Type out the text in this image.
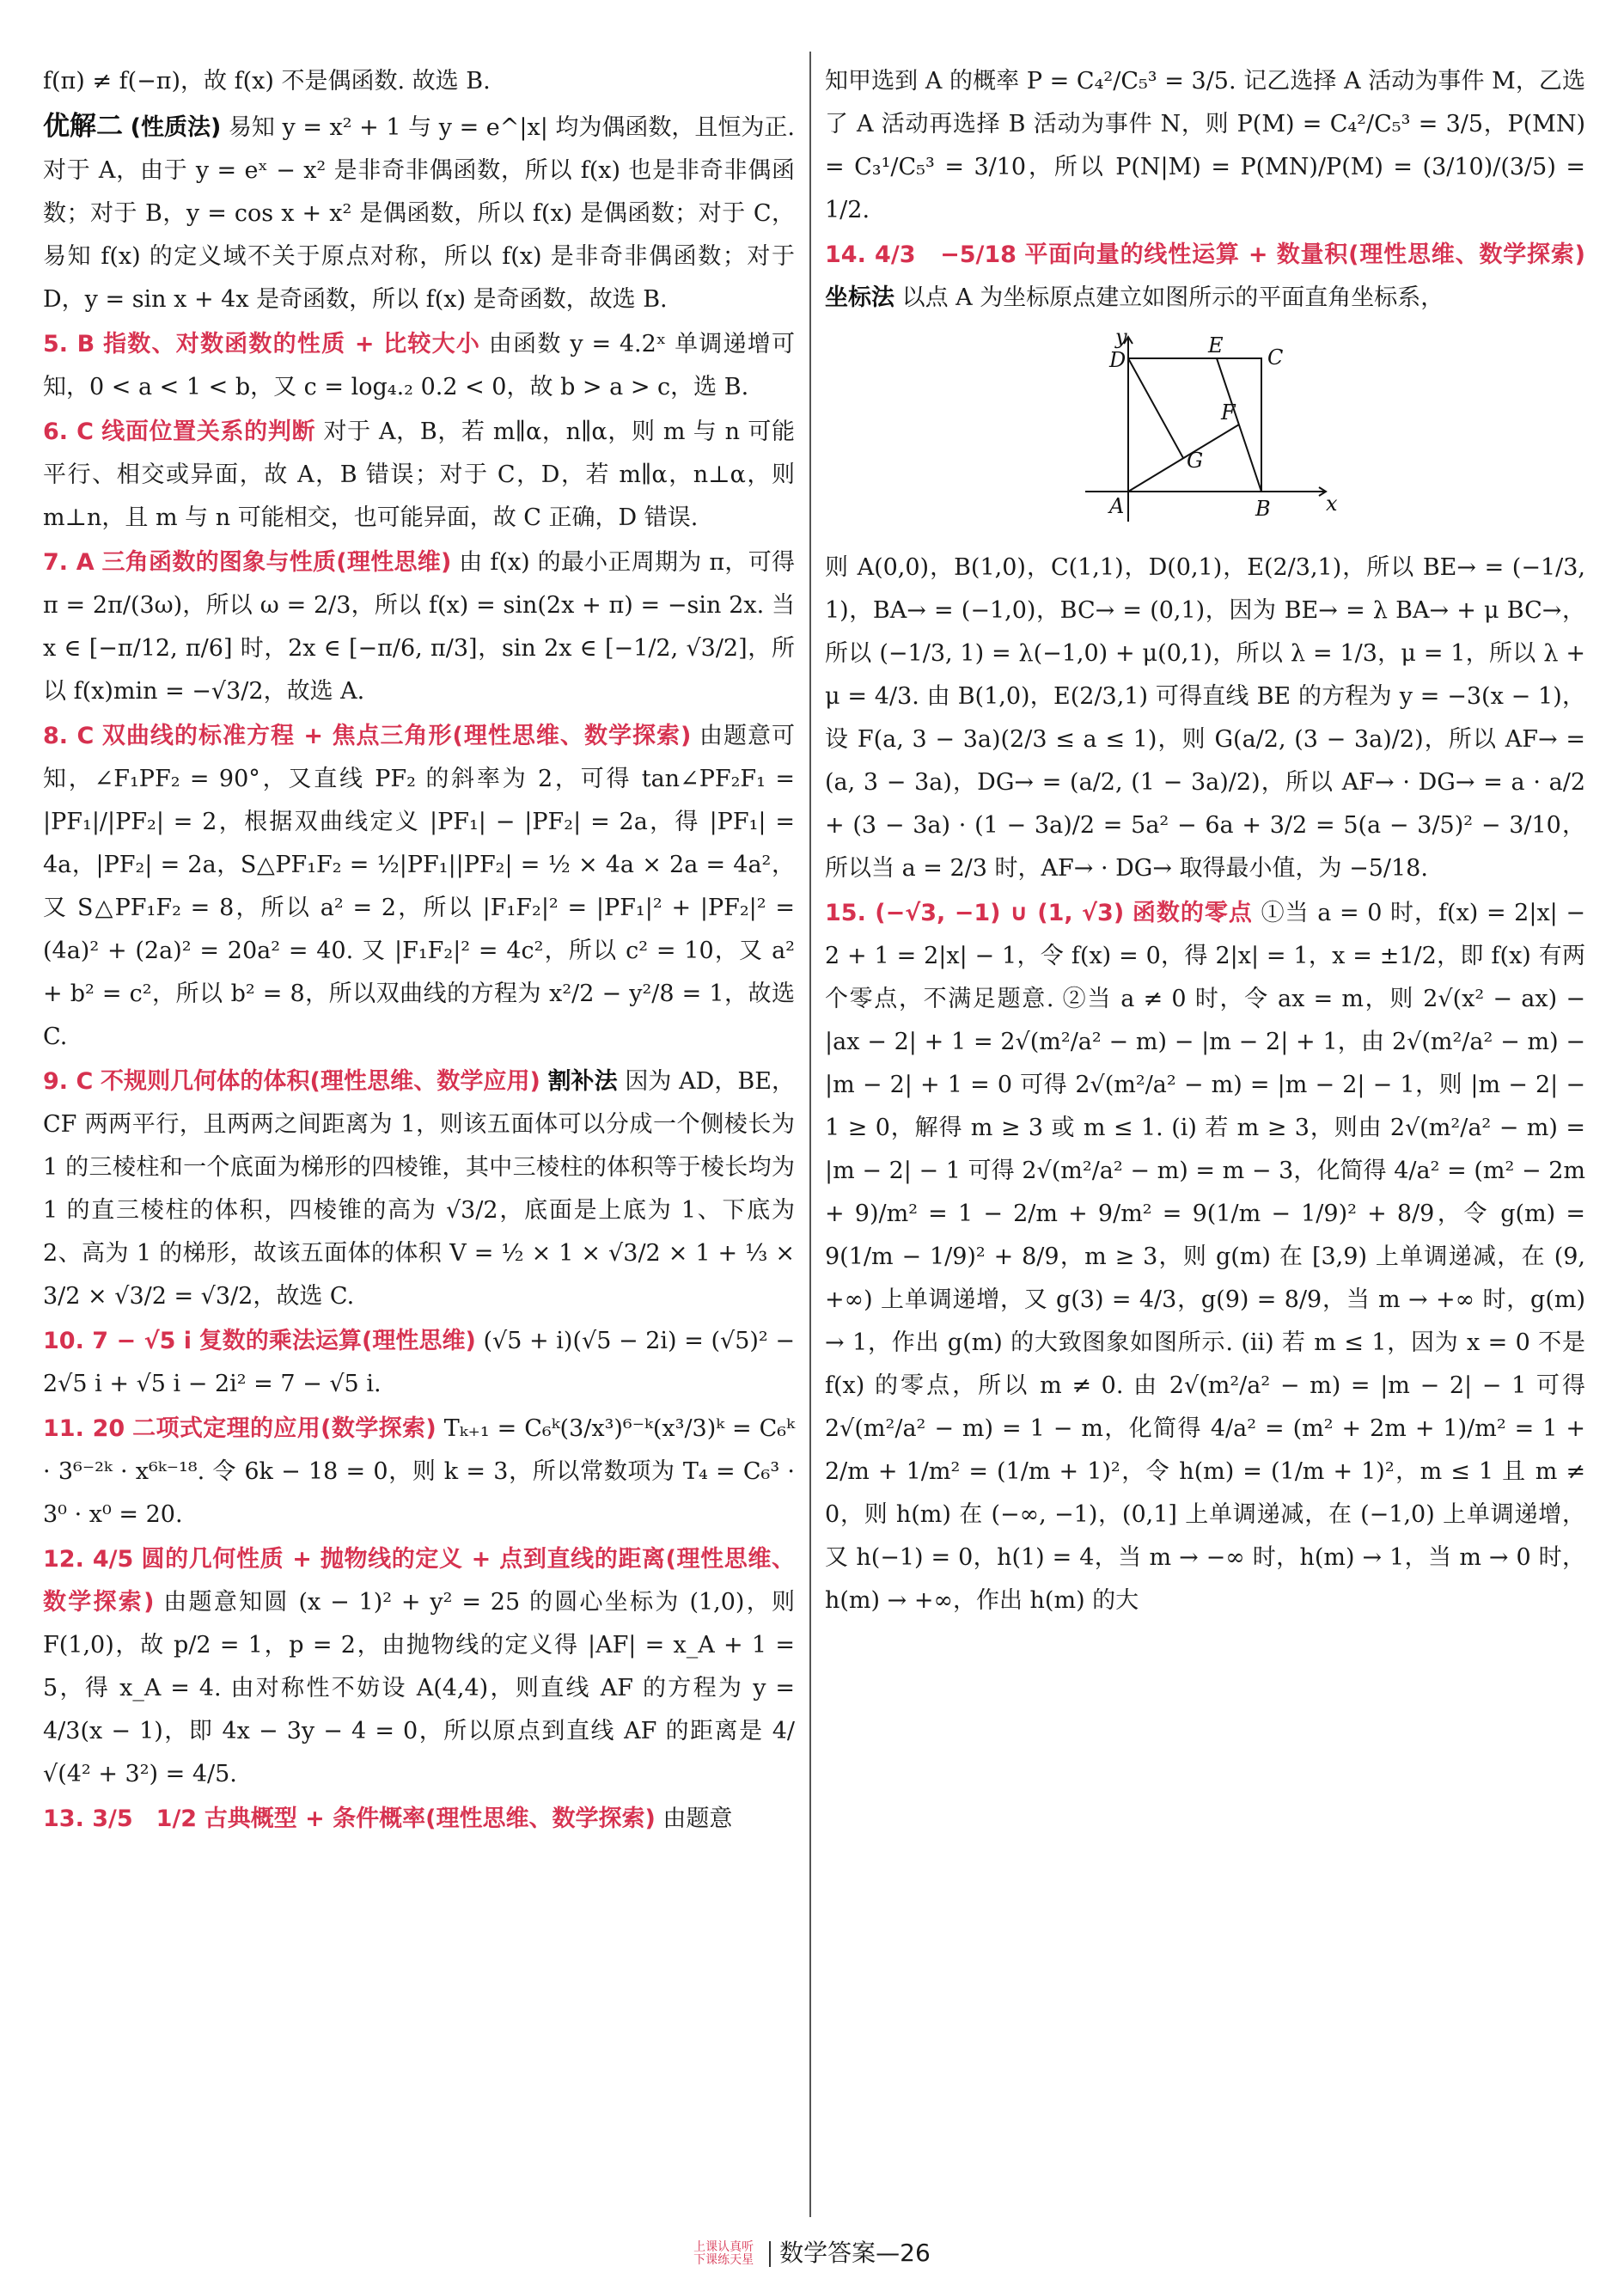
f(π) ≠ f(−π)，故 f(x) 不是偶函数. 故选 B.

优解二 (性质法) 易知 y = x² + 1 与 y = e^|x| 均为偶函数，且恒为正. 对于 A，由于 y = eˣ − x² 是非奇非偶函数，所以 f(x) 也是非奇非偶函数；对于 B，y = cos x + x² 是偶函数，所以 f(x) 是偶函数；对于 C，易知 f(x) 的定义域不关于原点对称，所以 f(x) 是非奇非偶函数；对于 D，y = sin x + 4x 是奇函数，所以 f(x) 是奇函数，故选 B.

5. B 指数、对数函数的性质 + 比较大小 由函数 y = 4.2ˣ 单调递增可知，0 < a < 1 < b，又 c = log₄.₂ 0.2 < 0，故 b > a > c，选 B.

6. C 线面位置关系的判断 对于 A，B，若 m∥α，n∥α，则 m 与 n 可能平行、相交或异面，故 A，B 错误；对于 C，D，若 m∥α，n⊥α，则 m⊥n，且 m 与 n 可能相交，也可能异面，故 C 正确，D 错误.

7. A 三角函数的图象与性质(理性思维) 由 f(x) 的最小正周期为 π，可得 π = 2π/(3ω)，所以 ω = 2/3，所以 f(x) = sin(2x + π) = −sin 2x. 当 x ∈ [−π/12, π/6] 时，2x ∈ [−π/6, π/3]，sin 2x ∈ [−1/2, √3/2]，所以 f(x)min = −√3/2，故选 A.

8. C 双曲线的标准方程 + 焦点三角形(理性思维、数学探索) 由题意可知，∠F₁PF₂ = 90°，又直线 PF₂ 的斜率为 2，可得 tan∠PF₂F₁ = |PF₁|/|PF₂| = 2，根据双曲线定义 |PF₁| − |PF₂| = 2a，得 |PF₁| = 4a，|PF₂| = 2a，S△PF₁F₂ = ½|PF₁||PF₂| = ½ × 4a × 2a = 4a²，又 S△PF₁F₂ = 8，所以 a² = 2，所以 |F₁F₂|² = |PF₁|² + |PF₂|² = (4a)² + (2a)² = 20a² = 40. 又 |F₁F₂|² = 4c²，所以 c² = 10，又 a² + b² = c²，所以 b² = 8，所以双曲线的方程为 x²/2 − y²/8 = 1，故选 C.

9. C 不规则几何体的体积(理性思维、数学应用) 割补法 因为 AD，BE，CF 两两平行，且两两之间距离为 1，则该五面体可以分成一个侧棱长为 1 的三棱柱和一个底面为梯形的四棱锥，其中三棱柱的体积等于棱长均为 1 的直三棱柱的体积，四棱锥的高为 √3/2，底面是上底为 1、下底为 2、高为 1 的梯形，故该五面体的体积 V = ½ × 1 × √3/2 × 1 + ⅓ × 3/2 × √3/2 = √3/2，故选 C.

10. 7 − √5 i 复数的乘法运算(理性思维) (√5 + i)(√5 − 2i) = (√5)² − 2√5 i + √5 i − 2i² = 7 − √5 i.

11. 20 二项式定理的应用(数学探索) Tₖ₊₁ = C₆ᵏ(3/x³)⁶⁻ᵏ(x³/3)ᵏ = C₆ᵏ · 3⁶⁻²ᵏ · x⁶ᵏ⁻¹⁸. 令 6k − 18 = 0，则 k = 3，所以常数项为 T₄ = C₆³ · 3⁰ · x⁰ = 20.

12. 4/5 圆的几何性质 + 抛物线的定义 + 点到直线的距离(理性思维、数学探索) 由题意知圆 (x − 1)² + y² = 25 的圆心坐标为 (1,0)，则 F(1,0)，故 p/2 = 1，p = 2，由抛物线的定义得 |AF| = x_A + 1 = 5，得 x_A = 4. 由对称性不妨设 A(4,4)，则直线 AF 的方程为 y = 4/3(x − 1)，即 4x − 3y − 4 = 0，所以原点到直线 AF 的距离是 4/√(4² + 3²) = 4/5.

13. 3/5　1/2 古典概型 + 条件概率(理性思维、数学探索) 由题意

知甲选到 A 的概率 P = C₄²/C₅³ = 3/5. 记乙选择 A 活动为事件 M，乙选了 A 活动再选择 B 活动为事件 N，则 P(M) = C₄²/C₅³ = 3/5，P(MN) = C₃¹/C₅³ = 3/10，所以 P(N|M) = P(MN)/P(M) = (3/10)/(3/5) = 1/2.

14. 4/3　−5/18 平面向量的线性运算 + 数量积(理性思维、数学探索) 坐标法 以点 A 为坐标原点建立如图所示的平面直角坐标系，

y
x
A	B
C
D
E
F
G

则 A(0,0)，B(1,0)，C(1,1)，D(0,1)，E(2/3,1)，所以 BE→ = (−1/3, 1)，BA→ = (−1,0)，BC→ = (0,1)，因为 BE→ = λ BA→ + μ BC→，所以 (−1/3, 1) = λ(−1,0) + μ(0,1)，所以 λ = 1/3，μ = 1，所以 λ + μ = 4/3. 由 B(1,0)，E(2/3,1) 可得直线 BE 的方程为 y = −3(x − 1)，设 F(a, 3 − 3a)(2/3 ≤ a ≤ 1)，则 G(a/2, (3 − 3a)/2)，所以 AF→ = (a, 3 − 3a)，DG→ = (a/2, (1 − 3a)/2)，所以 AF→ · DG→ = a · a/2 + (3 − 3a) · (1 − 3a)/2 = 5a² − 6a + 3/2 = 5(a − 3/5)² − 3/10，所以当 a = 2/3 时，AF→ · DG→ 取得最小值，为 −5/18.

15. (−√3, −1) ∪ (1, √3) 函数的零点 ①当 a = 0 时，f(x) = 2|x| − 2 + 1 = 2|x| − 1，令 f(x) = 0，得 2|x| = 1，x = ±1/2，即 f(x) 有两个零点，不满足题意. ②当 a ≠ 0 时，令 ax = m，则 2√(x² − ax) − |ax − 2| + 1 = 2√(m²/a² − m) − |m − 2| + 1，由 2√(m²/a² − m) − |m − 2| + 1 = 0 可得 2√(m²/a² − m) = |m − 2| − 1，则 |m − 2| − 1 ≥ 0，解得 m ≥ 3 或 m ≤ 1. (i) 若 m ≥ 3，则由 2√(m²/a² − m) = |m − 2| − 1 可得 2√(m²/a² − m) = m − 3，化简得 4/a² = (m² − 2m + 9)/m² = 1 − 2/m + 9/m² = 9(1/m − 1/9)² + 8/9，令 g(m) = 9(1/m − 1/9)² + 8/9，m ≥ 3，则 g(m) 在 [3,9) 上单调递减，在 (9, +∞) 上单调递增，又 g(3) = 4/3，g(9) = 8/9，当 m → +∞ 时，g(m) → 1，作出 g(m) 的大致图象如图所示. (ii) 若 m ≤ 1，因为 x = 0 不是 f(x) 的零点，所以 m ≠ 0. 由 2√(m²/a² − m) = |m − 2| − 1 可得 2√(m²/a² − m) = 1 − m，化简得 4/a² = (m² + 2m + 1)/m² = 1 + 2/m + 1/m² = (1/m + 1)²，令 h(m) = (1/m + 1)²，m ≤ 1 且 m ≠ 0，则 h(m) 在 (−∞, −1)，(0,1] 上单调递减，在 (−1,0) 上单调递增，又 h(−1) = 0，h(1) = 4，当 m → −∞ 时，h(m) → 1，当 m → 0 时，h(m) → +∞，作出 h(m) 的大

上课认真听
下课练天星 数学答案—26
